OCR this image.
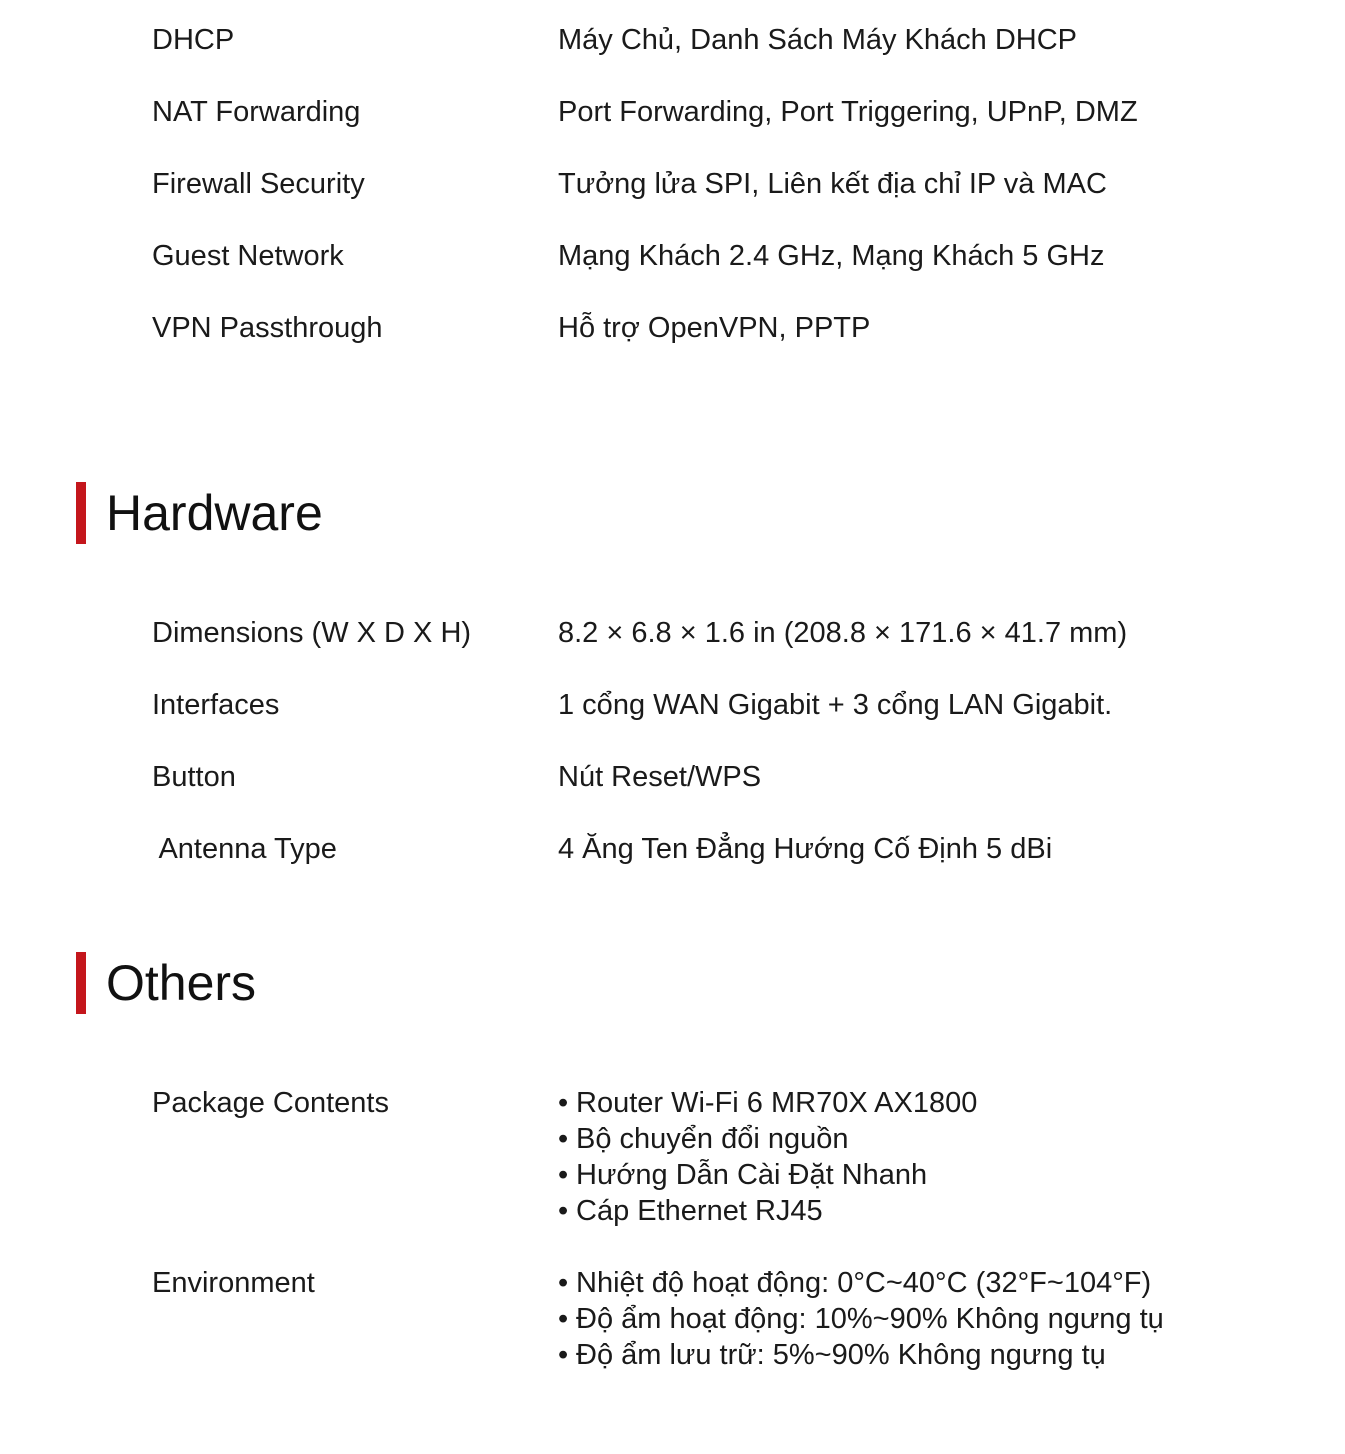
DHCP	Máy Chủ, Danh Sách Máy Khách DHCP
NAT Forwarding	Port Forwarding, Port Triggering, UPnP, DMZ
Firewall Security	Tưởng lửa SPI, Liên kết địa chỉ IP và MAC
Guest Network	Mạng Khách 2.4 GHz, Mạng Khách 5 GHz
VPN Passthrough	Hỗ trợ OpenVPN, PPTP
Hardware
Dimensions (W X D X H)	8.2 × 6.8 × 1.6 in (208.8 × 171.6 × 41.7 mm)
Interfaces	1 cổng WAN Gigabit + 3 cổng LAN Gigabit.
Button	Nút Reset/WPS
Antenna Type	4 Ăng Ten Đẳng Hướng Cố Định 5 dBi
Others
Package Contents	• Router Wi-Fi 6 MR70X AX1800
• Bộ chuyển đổi nguồn
• Hướng Dẫn Cài Đặt Nhanh
• Cáp Ethernet RJ45
Environment	• Nhiệt độ hoạt động: 0°C~40°C (32°F~104°F)
• Độ ẩm hoạt động: 10%~90% Không ngưng tụ
• Độ ẩm lưu trữ: 5%~90% Không ngưng tụ
